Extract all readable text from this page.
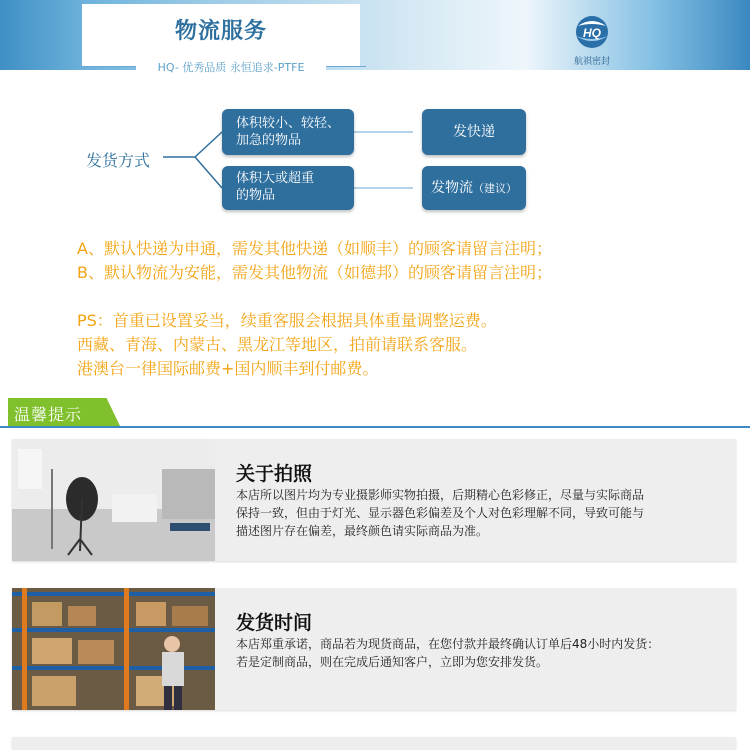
物流服务
HQ- 优秀品质 永恒追求-PTFE
HQ
航祺密封
发货方式
体积较小、较轻、
加急的物品
体积大或超重
的物品
发快递
发物流（建议）
A、默认快递为申通，需发其他快递（如顺丰）的顾客请留言注明；
B、默认物流为安能，需发其他物流（如德邦）的顾客请留言注明；
PS：首重已设置妥当，续重客服会根据具体重量调整运费。
西藏、青海、内蒙古、黑龙江等地区，拍前请联系客服。
港澳台一律国际邮费+国内顺丰到付邮费。
温馨提示
关于拍照
本店所以图片均为专业摄影师实物拍摄，后期精心色彩修正，尽量与实际商品
保持一致，但由于灯光、显示器色彩偏差及个人对色彩理解不同，导致可能与
描述图片存在偏差，最终颜色请实际商品为准。
发货时间
本店郑重承诺，商品若为现货商品，在您付款并最终确认订单后48小时内发货：
若是定制商品，则在完成后通知客户，立即为您安排发货。
